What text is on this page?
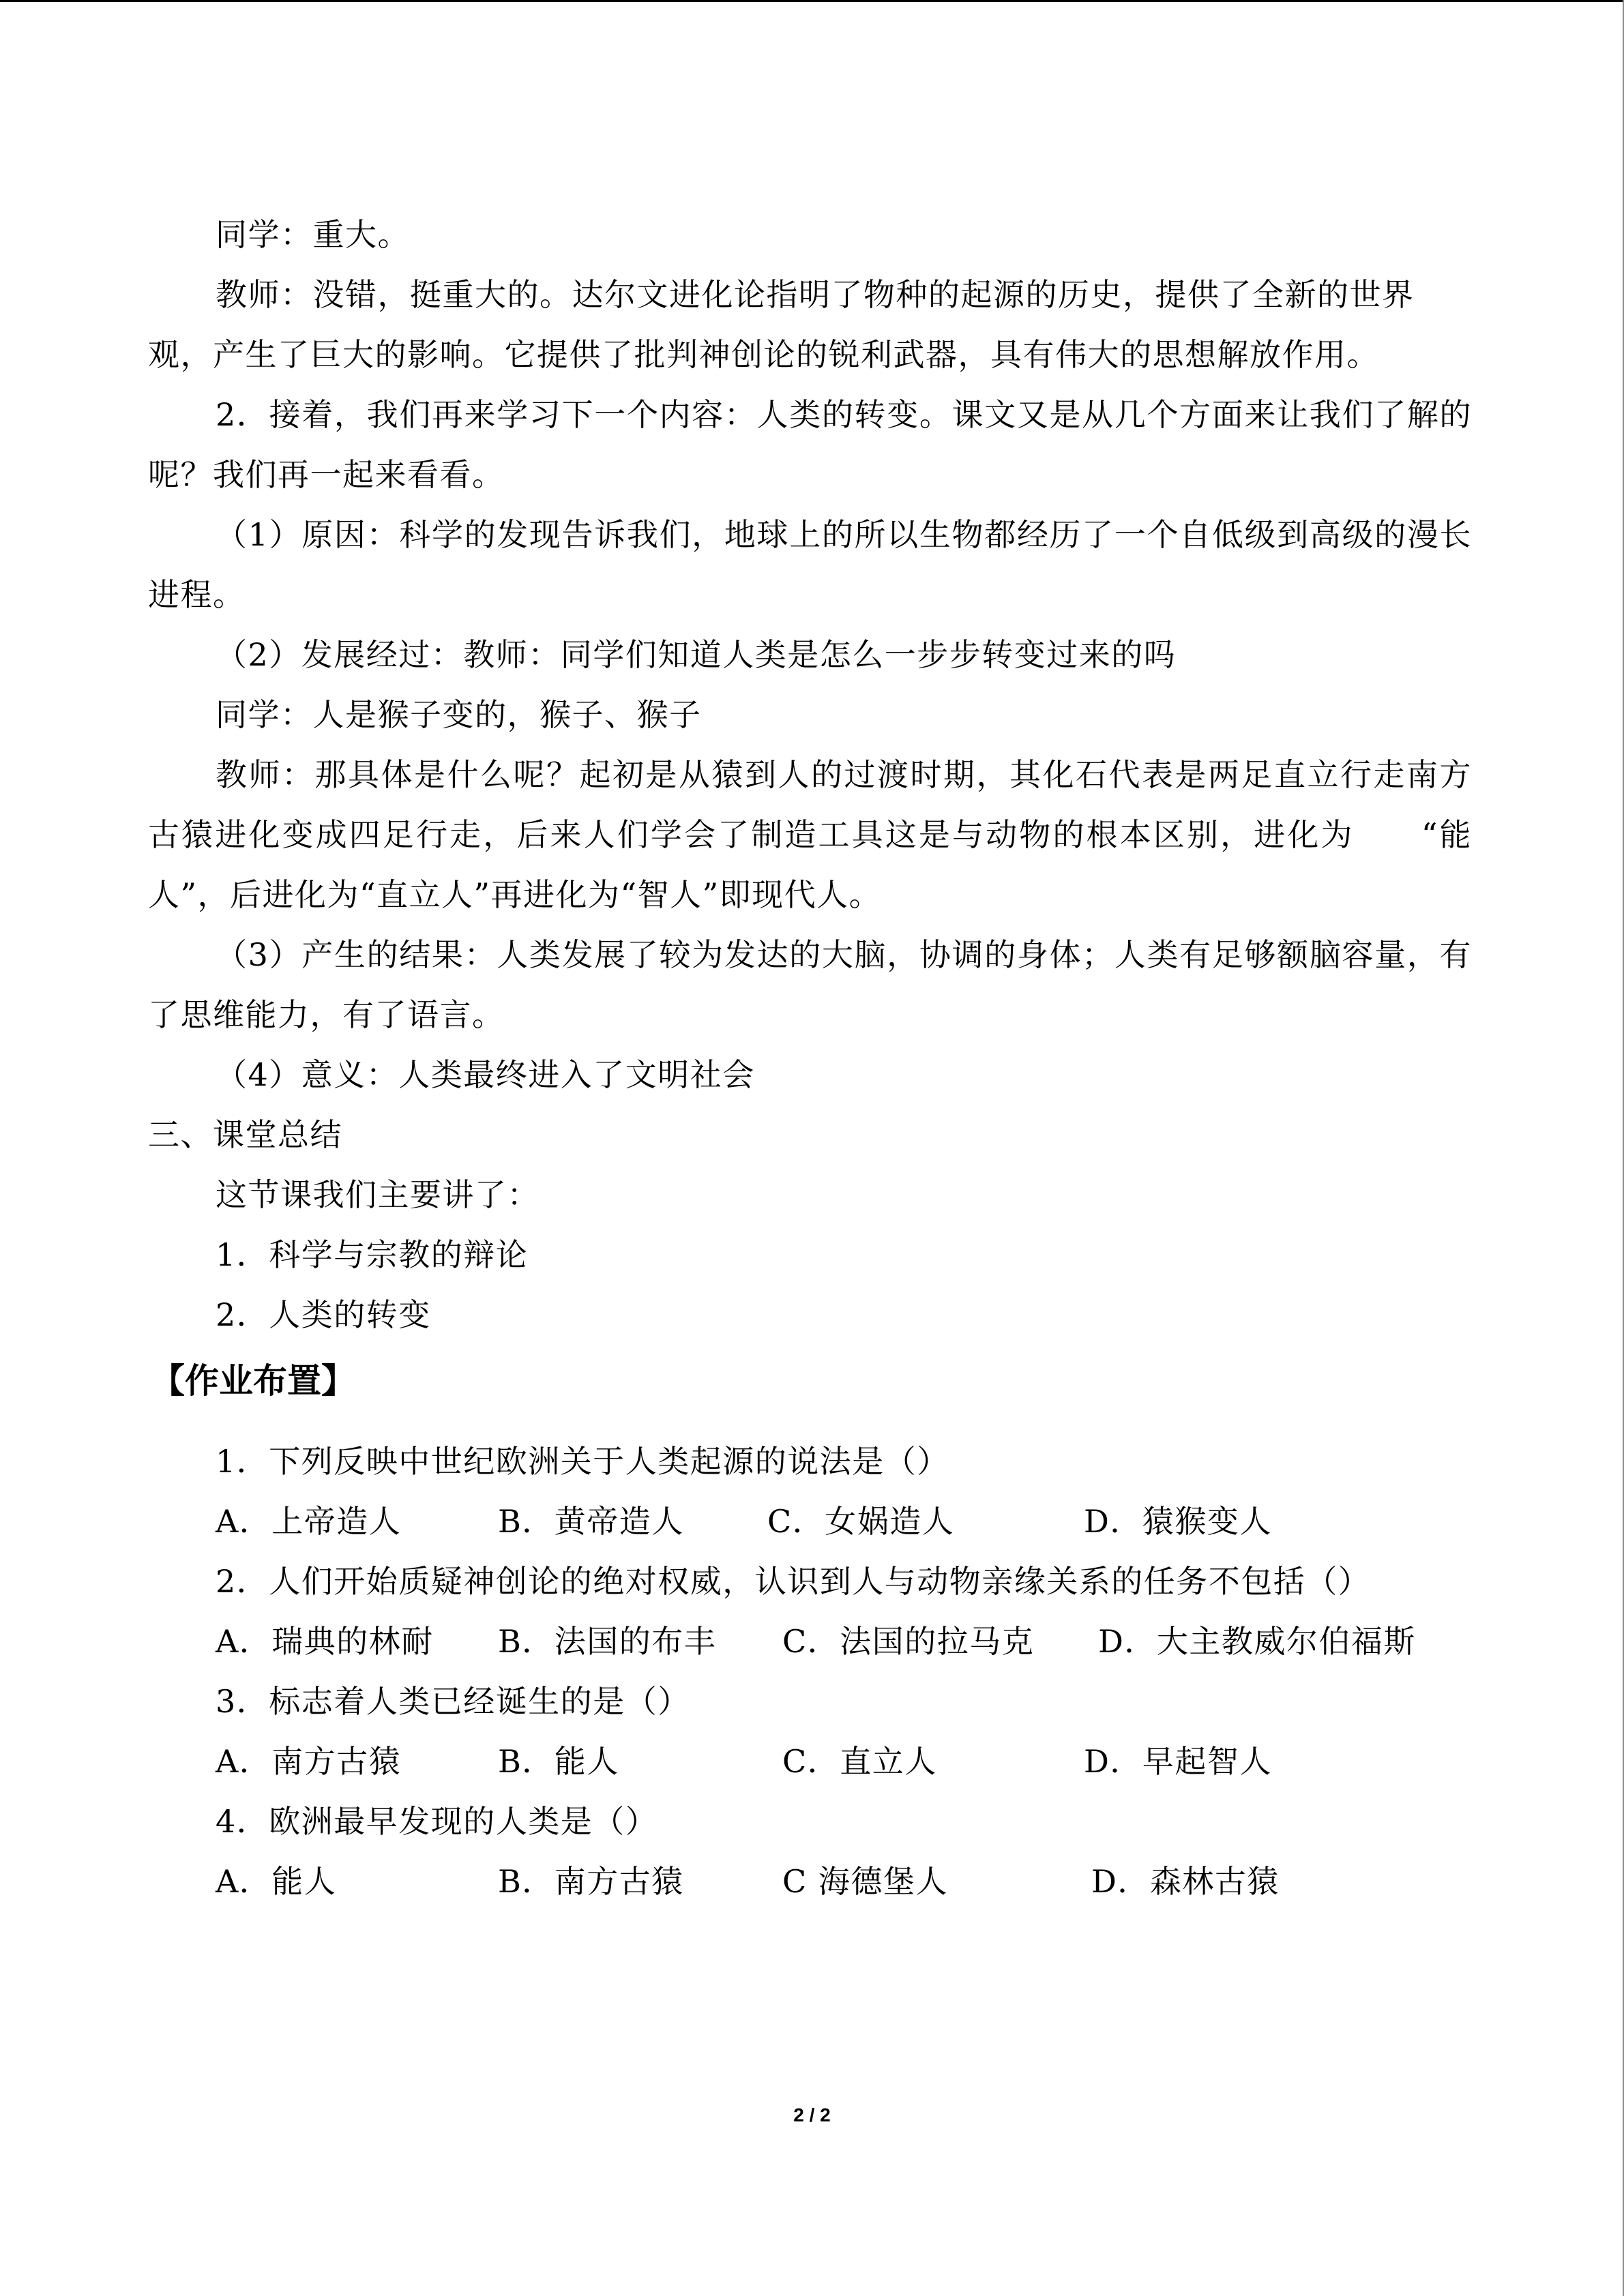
同学：重大。
教师：没错，挺重大的。达尔文进化论指明了物种的起源的历史，提供了全新的世界
观，产生了巨大的影响。它提供了批判神创论的锐利武器，具有伟大的思想解放作用。
2．接着，我们再来学习下一个内容：人类的转变。课文又是从几个方面来让我们了解的
呢？我们再一起来看看。
（1）原因：科学的发现告诉我们，地球上的所以生物都经历了一个自低级到高级的漫长
进程。
（2）发展经过：教师：同学们知道人类是怎么一步步转变过来的吗
同学：人是猴子变的，猴子、猴子
教师：那具体是什么呢？起初是从猿到人的过渡时期，其化石代表是两足直立行走南方
古猿进化变成四足行走，后来人们学会了制造工具这是与动物的根本区别，进化为　　“能
人”，后进化为“直立人”再进化为“智人”即现代人。
（3）产生的结果：人类发展了较为发达的大脑，协调的身体；人类有足够额脑容量，有
了思维能力，有了语言。
（4）意义：人类最终进入了文明社会
三、课堂总结
这节课我们主要讲了：
1．科学与宗教的辩论
2．人类的转变
【作业布置】
1．下列反映中世纪欧洲关于人类起源的说法是（）
A．上帝造人	B．黄帝造人	C．女娲造人	D．猿猴变人
2．人们开始质疑神创论的绝对权威，认识到人与动物亲缘关系的任务不包括（）
A．瑞典的林耐 B．法国的布丰 C．法国的拉马克 D．大主教威尔伯福斯
3．标志着人类已经诞生的是（）
A．南方古猿	B．能人	C．直立人	D．早起智人
4．欧洲最早发现的人类是（）
A．能人	B．南方古猿	C 海德堡人	D．森林古猿
2 / 2
